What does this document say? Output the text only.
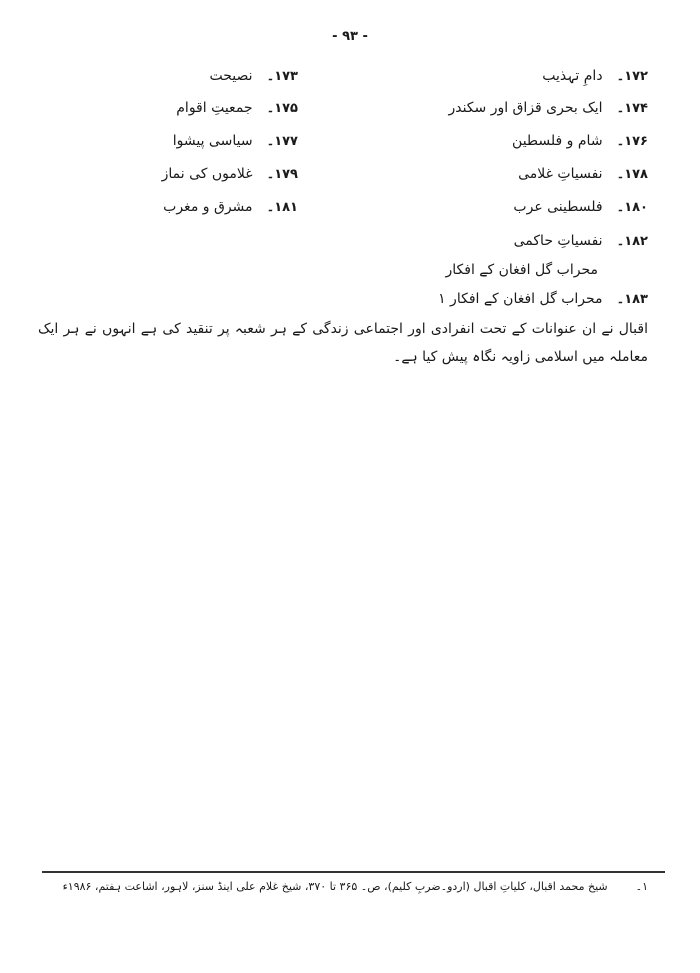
- ۹۳ -
۱۷۲۔
دامِ تہذیب
۱۷۴۔
ایک بحری قزاق اور سکندر
۱۷۶۔
شام و فلسطین
۱۷۸۔
نفسیاتِ غلامی
۱۸۰۔
فلسطینی عرب
۱۸۲۔
نفسیاتِ حاکمی
محراب گل افغان کے افکار
۱۸۳۔
محراب گل افغان کے افکار ۱
۱۷۳۔
نصیحت
۱۷۵۔
جمعیتِ اقوام
۱۷۷۔
سیاسی پیشوا
۱۷۹۔
غلاموں کی نماز
۱۸۱۔
مشرق و مغرب
اقبال نے ان عنوانات کے تحت انفرادی اور اجتماعی زندگی کے ہر شعبہ پر تنقید کی ہے انہوں نے ہر ایک معاملہ میں اسلامی زاویہ نگاہ پیش کیا ہے۔
۱۔
شیخ محمد اقبال، کلیاتِ اقبال (اردو۔ضربِ کلیم)، ص۔ ۳۶۵ تا ۳۷۰، شیخ غلام علی اینڈ سنز، لاہور، اشاعت ہفتم، ۱۹۸۶ء
